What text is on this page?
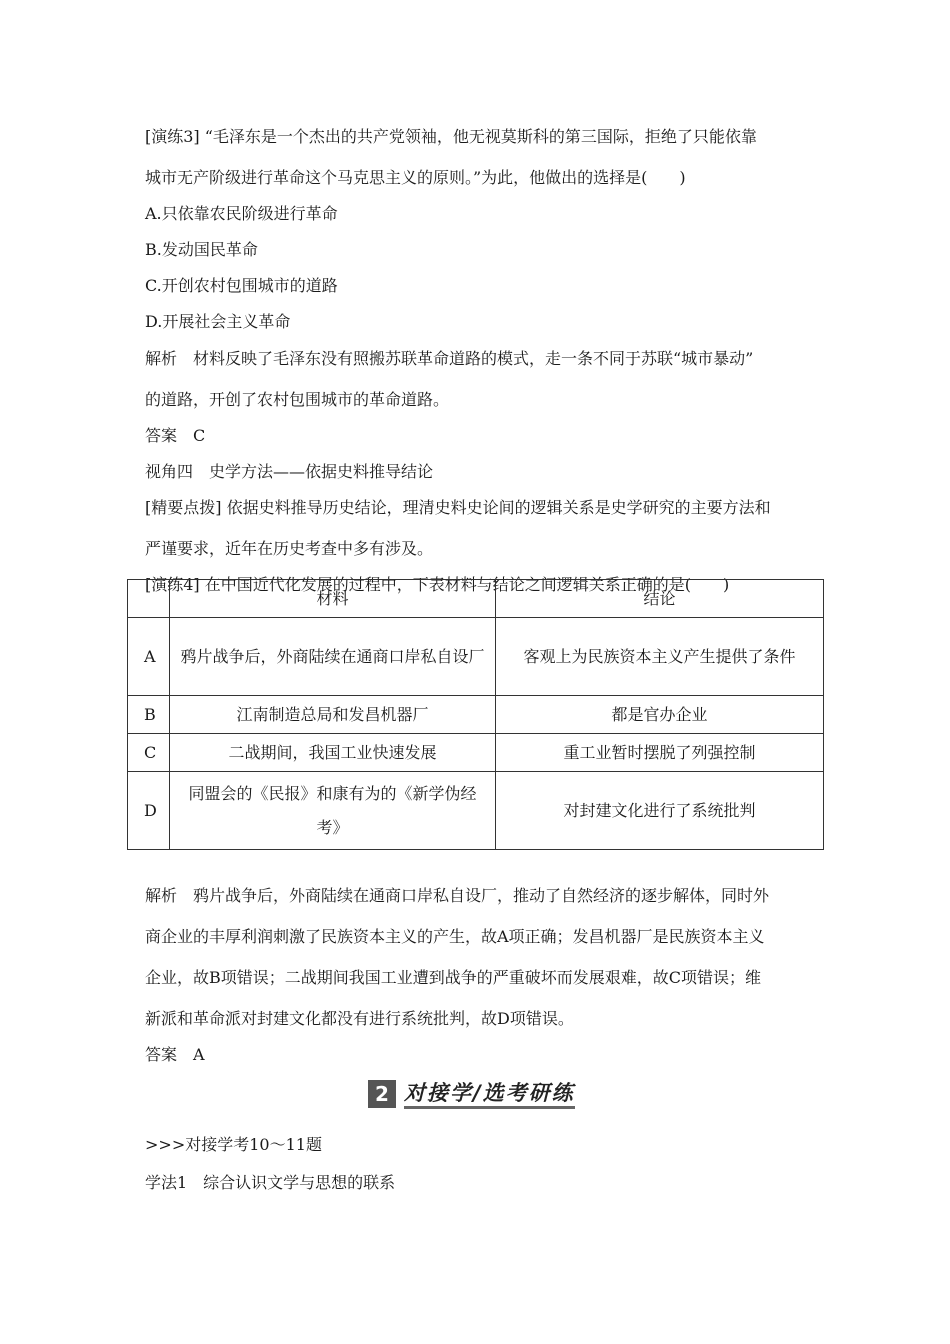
[演练3] “毛泽东是一个杰出的共产党领袖，他无视莫斯科的第三国际，拒绝了只能依靠
城市无产阶级进行革命这个马克思主义的原则。”为此，他做出的选择是(　　)
A.只依靠农民阶级进行革命
B.发动国民革命
C.开创农村包围城市的道路
D.开展社会主义革命
解析　材料反映了毛泽东没有照搬苏联革命道路的模式，走一条不同于苏联“城市暴动”
的道路，开创了农村包围城市的革命道路。
答案　C
视角四　史学方法——依据史料推导结论
[精要点拨] 依据史料推导历史结论，理清史料史论间的逻辑关系是史学研究的主要方法和
严谨要求，近年在历史考查中多有涉及。
[演练4] 在中国近代化发展的过程中，下表材料与结论之间逻辑关系正确的是(　　)
	材料	结论
A	鸦片战争后，外商陆续在通商口岸私自设厂	客观上为民族资本主义产生提供了条件
B	江南制造总局和发昌机器厂	都是官办企业
C	二战期间，我国工业快速发展	重工业暂时摆脱了列强控制
D	同盟会的《民报》和康有为的《新学伪经考》	对封建文化进行了系统批判
解析　鸦片战争后，外商陆续在通商口岸私自设厂，推动了自然经济的逐步解体，同时外
商企业的丰厚利润刺激了民族资本主义的产生，故A项正确；发昌机器厂是民族资本主义
企业，故B项错误；二战期间我国工业遭到战争的严重破坏而发展艰难，故C项错误；维
新派和革命派对封建文化都没有进行系统批判，故D项错误。
答案　A
2 对接学/选考研练
>>>对接学考10～11题
学法1　综合认识文学与思想的联系
